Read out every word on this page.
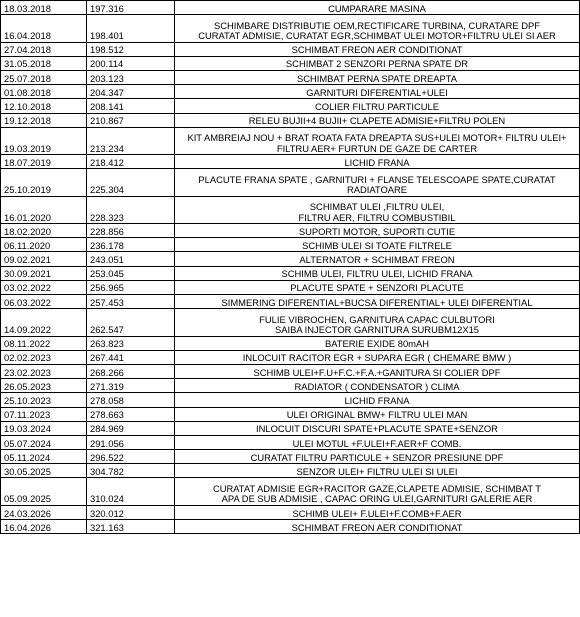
18.03.2018	197.316	CUMPARARE MASINA
16.04.2018	198.401	SCHIMBARE DISTRIBUTIE OEM,RECTIFICARE TURBINA, CURATARE DPF
CURATAT ADMISIE, CURATAT EGR,SCHIMBAT ULEI MOTOR+FILTRU ULEI SI AER
27.04.2018	198.512	SCHIMBAT FREON AER CONDITIONAT
31.05.2018	200.114	SCHIMBAT 2 SENZORI PERNA SPATE DR
25.07.2018	203.123	SCHIMBAT PERNA SPATE DREAPTA
01.08.2018	204.347	GARNITURI DIFERENTIAL+ULEI
12.10.2018	208.141	COLIER FILTRU PARTICULE
19.12.2018	210.867	RELEU BUJII+4 BUJII+ CLAPETE ADMISIE+FILTRU POLEN
19.03.2019	213.234	KIT AMBREIAJ NOU + BRAT ROATA FATA DREAPTA SUS+ULEI MOTOR+ FILTRU ULEI+
FILTRU AER+ FURTUN DE GAZE DE CARTER
18.07.2019	218.412	LICHID FRANA
25.10.2019	225.304	PLACUTE FRANA SPATE , GARNITURI + FLANSE TELESCOAPE SPATE,CURATAT
RADIATOARE
16.01.2020	228.323	SCHIMBAT ULEI ,FILTRU ULEI,
FILTRU AER, FILTRU COMBUSTIBIL
18.02.2020	228.856	SUPORTI MOTOR, SUPORTI CUTIE
06.11.2020	236.178	SCHIMB ULEI SI TOATE FILTRELE
09.02.2021	243.051	ALTERNATOR + SCHIMBAT FREON
30.09.2021	253.045	SCHIMB ULEI, FILTRU ULEI, LICHID FRANA
03.02.2022	256.965	PLACUTE SPATE + SENZORI PLACUTE
06.03.2022	257.453	SIMMERING DIFERENTIAL+BUCSA DIFERENTIAL+ ULEI DIFERENTIAL
14.09.2022	262.547	FULIE VIBROCHEN, GARNITURA CAPAC CULBUTORI
SAIBA INJECTOR GARNITURA SURUBM12X15
08.11.2022	263.823	BATERIE EXIDE 80mAH
02.02.2023	267.441	INLOCUIT RACITOR EGR + SUPARA EGR ( CHEMARE BMW )
23.02.2023	268.266	SCHIMB ULEI+F.U+F.C.+F.A.+GANITURA SI COLIER DPF
26.05.2023	271.319	RADIATOR ( CONDENSATOR ) CLIMA
25.10.2023	278.058	LICHID FRANA
07.11.2023	278.663	ULEI ORIGINAL BMW+ FILTRU ULEI MAN
19.03.2024	284.969	INLOCUIT DISCURI SPATE+PLACUTE SPATE+SENZOR
05.07.2024	291.056	ULEI MOTUL +F.ULEI+F.AER+F COMB.
05.11.2024	296.522	CURATAT FILTRU PARTICULE + SENZOR PRESIUNE DPF
30.05.2025	304.782	SENZOR ULEI+ FILTRU ULEI SI ULEI
05.09.2025	310.024	CURATAT ADMISIE EGR+RACITOR GAZE,CLAPETE ADMISIE, SCHIMBAT T
APA DE SUB ADMISIE , CAPAC ORING ULEI,GARNITURI GALERIE AER
24.03.2026	320.012	SCHIMB ULEI+ F.ULEI+F.COMB+F.AER
16.04.2026	321.163	SCHIMBAT FREON AER CONDITIONAT
